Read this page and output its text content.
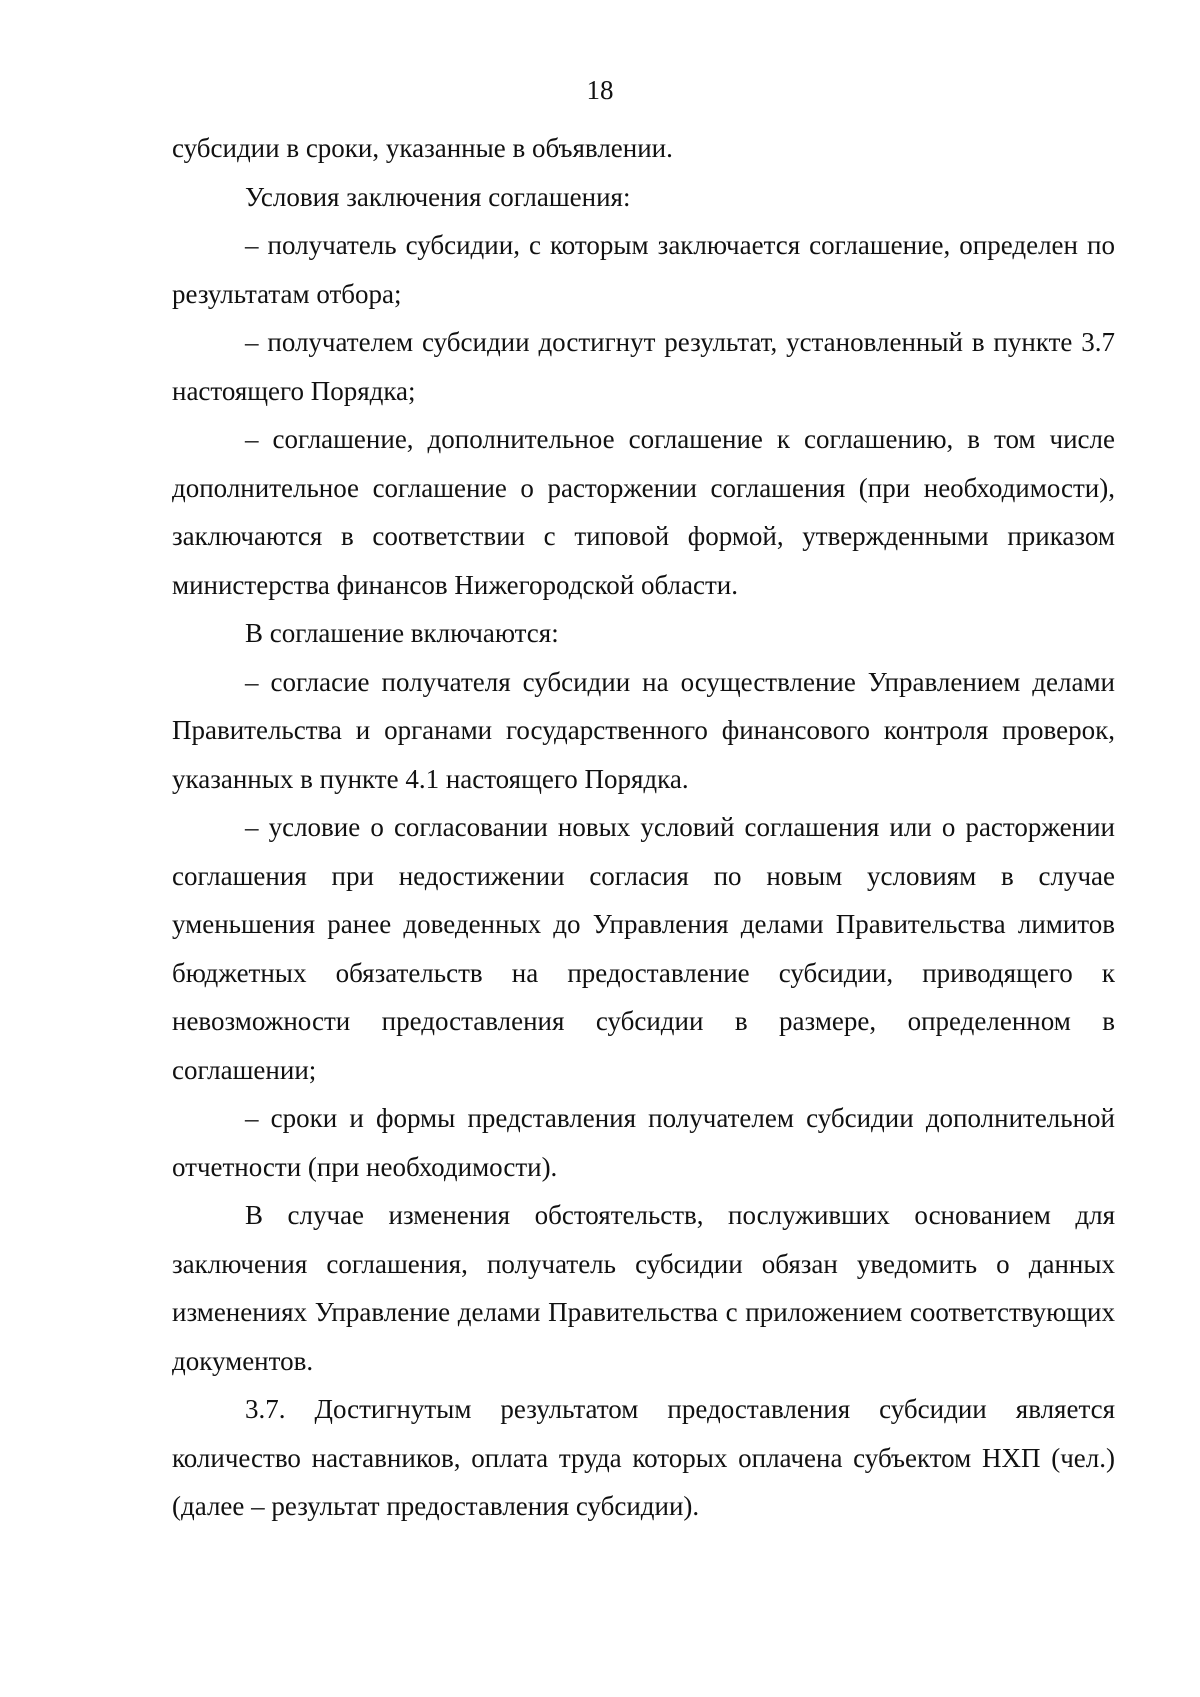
18

субсидии в сроки, указанные в объявлении.

Условия заключения соглашения:

– получатель субсидии, с которым заключается соглашение, определен по результатам отбора;

– получателем субсидии достигнут результат, установленный в пункте 3.7 настоящего Порядка;

– соглашение, дополнительное соглашение к соглашению, в том числе дополнительное соглашение о расторжении соглашения (при необходимости), заключаются в соответствии с типовой формой, утвержденными приказом министерства финансов Нижегородской области.

В соглашение включаются:

– согласие получателя субсидии на осуществление Управлением делами Правительства и органами государственного финансового контроля проверок, указанных в пункте 4.1 настоящего Порядка.

– условие о согласовании новых условий соглашения или о расторжении соглашения при недостижении согласия по новым условиям в случае уменьшения ранее доведенных до Управления делами Правительства лимитов бюджетных обязательств на предоставление субсидии, приводящего к невозможности предоставления субсидии в размере, определенном в соглашении;

– сроки и формы представления получателем субсидии дополнительной отчетности (при необходимости).

В случае изменения обстоятельств, послуживших основанием для заключения соглашения, получатель субсидии обязан уведомить о данных изменениях Управление делами Правительства с приложением соответствующих документов.

3.7. Достигнутым результатом предоставления субсидии является количество наставников, оплата труда которых оплачена субъектом НХП (чел.) (далее – результат предоставления субсидии).
